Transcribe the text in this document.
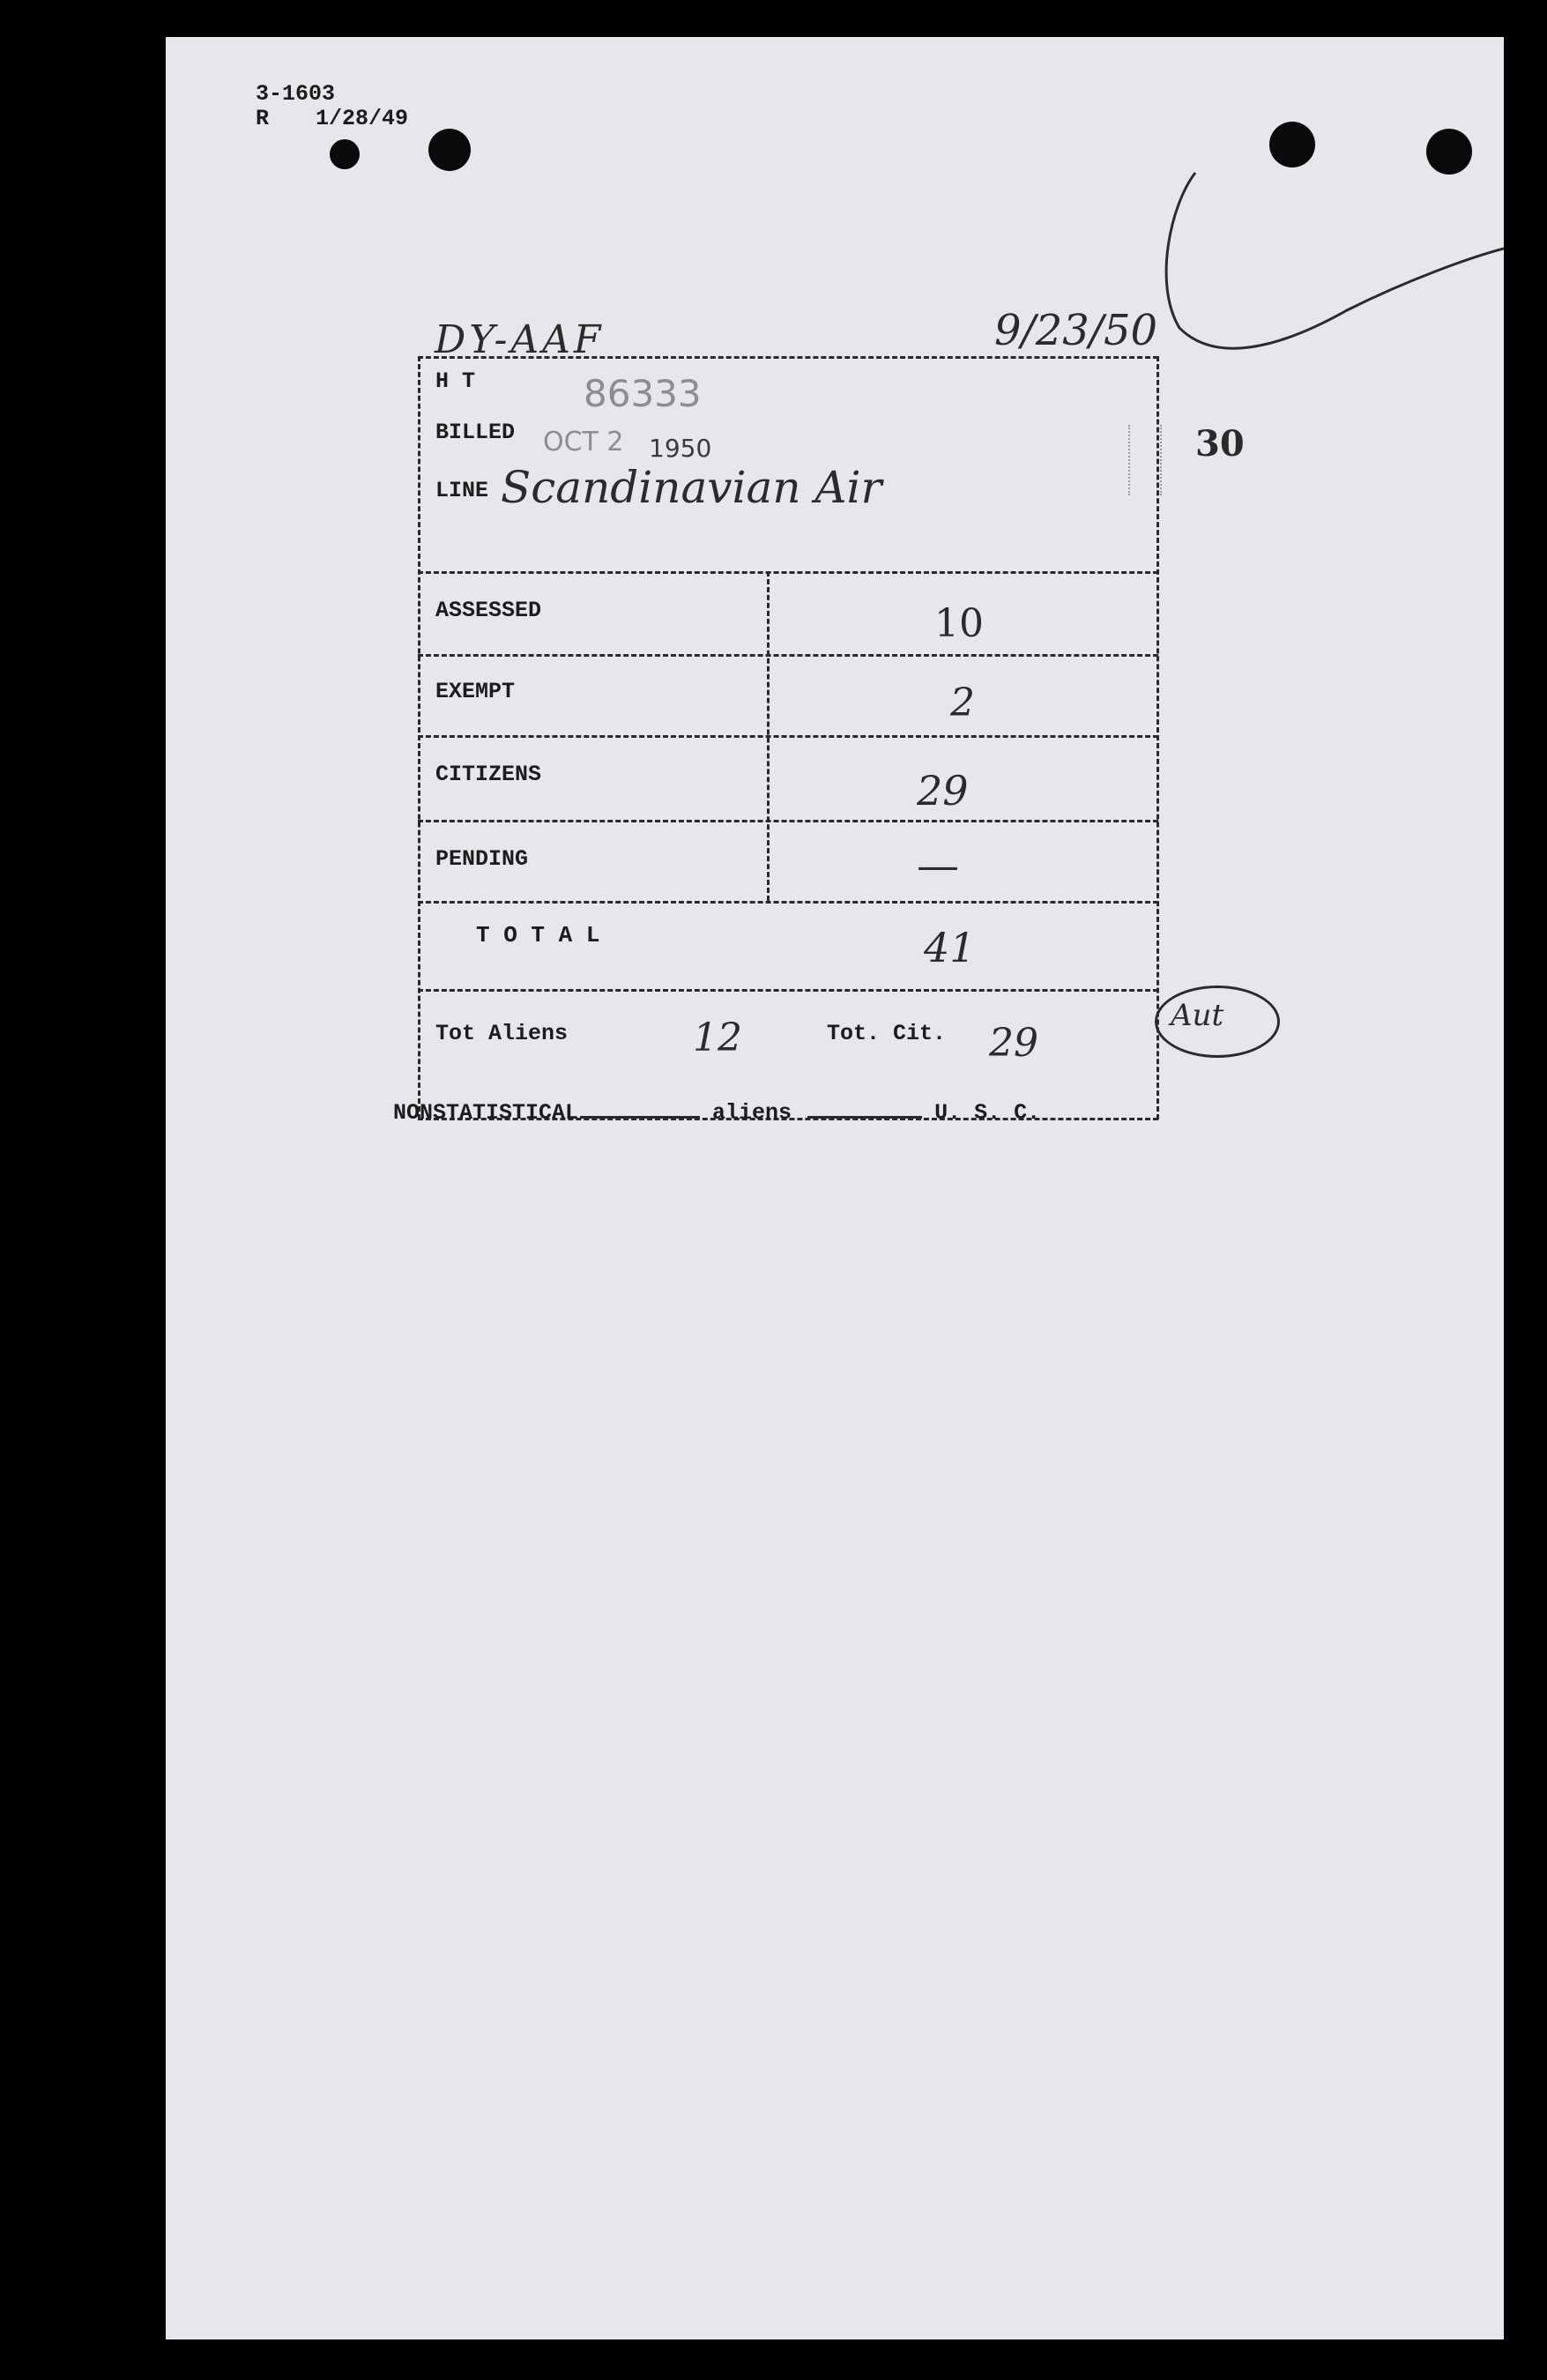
3-1603
R 1/28/49
DY-AAF	9/23/50
30
H T	86333
BILLED OCT 2 1950
LINE Scandinavian Air
ASSESSED	10
EXEMPT	2
CITIZENS	29
PENDING	—
T O T A L	41
Tot Aliens	12	Tot. Cit. 29
Aut
NONSTATISTICAL	aliens	U. S. C.
